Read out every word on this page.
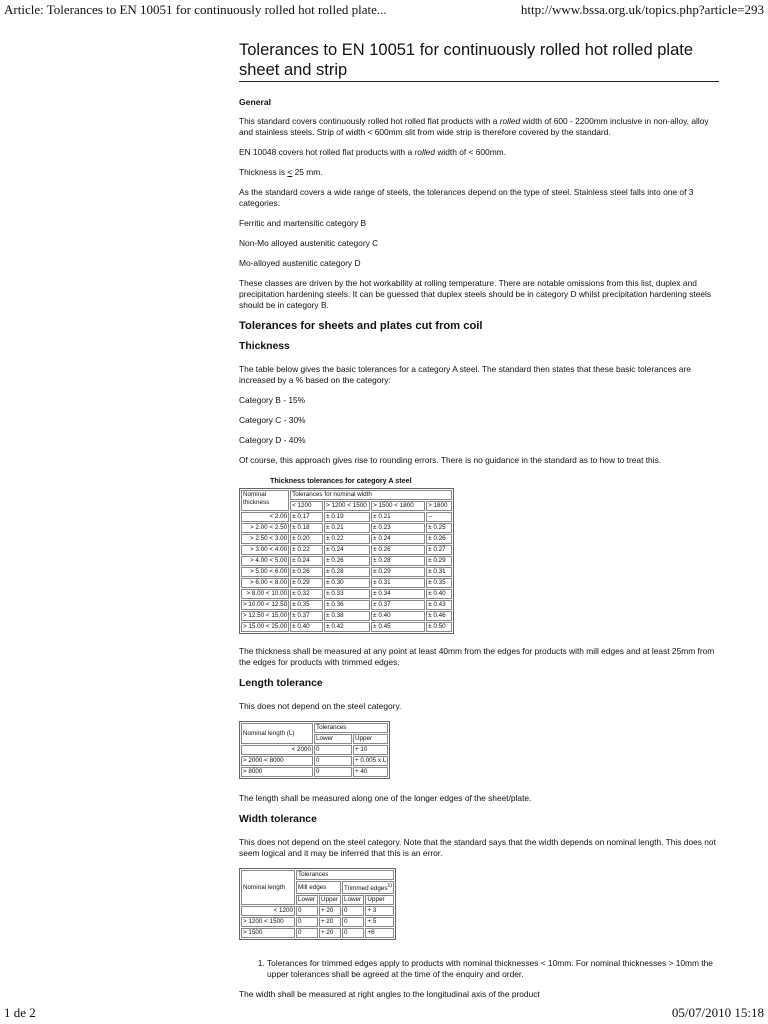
Article: Tolerances to EN 10051 for continuously rolled hot rolled plate...	http://www.bssa.org.uk/topics.php?article=293
Tolerances to EN 10051 for continuously rolled hot rolled plate sheet and strip
General

This standard covers continuously rolled hot rolled flat products with a rolled width of 600 - 2200mm inclusive in non-alloy, alloy and stainless steels. Strip of width < 600mm slit from wide strip is therefore covered by the standard.

EN 10048 covers hot rolled flat products with a rolled width of < 600mm.

Thickness is < 25 mm.

As the standard covers a wide range of steels, the tolerances depend on the type of steel. Stainless steel falls into one of 3 categories:

Ferritic and martensitic category B

Non-Mo alloyed austenitic category C

Mo-alloyed austenitic category D

These classes are driven by the hot workability at rolling temperature. There are notable omissions from this list, duplex and precipitation hardening steels. It can be guessed that duplex steels should be in category D whilst precipitation hardening steels should be in category B.

Tolerances for sheets and plates cut from coil
Thickness

The table below gives the basic tolerances for a category A steel. The standard then states that these basic tolerances are increased by a % based on the category:

Category B - 15%

Category C - 30%

Category D - 40%

Of course, this approach gives rise to rounding errors. There is no guidance in the standard as to how to treat this.

Thickness tolerances for category A steel
Nominal thickness	Tolerances for nominal width			
	< 1200	> 1200 < 1500	> 1500 < 1800	> 1800
< 2.00	± 0.17	± 0.19	± 0.21	--
> 2.00 < 2.50	± 0.18	± 0.21	± 0.23	± 0.25
> 2.50 < 3.00	± 0.20	± 0.22	± 0.24	± 0.26
> 3.00 < 4.00	± 0.22	± 0.24	± 0.26	± 0.27
> 4.00 < 5.00	± 0.24	± 0.26	± 0.28	± 0.29
> 5.00 < 6.00	± 0.26	± 0.28	± 0.29	± 0.31
> 6.00 < 8.00	± 0.29	± 0.30	± 0.31	± 0.35
> 8.00 < 10.00	± 0.32	± 0.33	± 0.34	± 0.40
> 10.00 < 12.50	± 0.35	± 0.36	± 0.37	± 0.43
> 12.50 < 15.00	± 0.37	± 0.38	± 0.40	± 0.46
> 15.00 < 25.00	± 0.40	± 0.42	± 0.45	± 0.50

The thickness shall be measured at any point at least 40mm from the edges for products with mill edges and at least 25mm from the edges for products with trimmed edges.

Length tolerance

This does not depend on the steel category.

Nominal length (L)	Tolerances	
	Lower	Upper
< 2000	0	+ 10
> 2000 < 8000	0	+ 0.005 x L
> 8000	0	+ 40

The length shall be measured along one of the longer edges of the sheet/plate.

Width tolerance

This does not depend on the steel category. Note that the standard says that the width depends on nominal length. This does not seem logical and it may be inferred that this is an error.

Nominal length	Tolerances			
	Mill edges		Trimmed edges$^{1)}$
	Lower	Upper	Lower	Upper
< 1200	0	+ 20	0	+ 3
> 1200 < 1500	0	+ 20	0	+ 5
> 1500	0	+ 20	0	+6
1. Tolerances for trimmed edges apply to products with nominal thicknesses < 10mm. For nominal thicknesses > 10mm the upper tolerances shall be agreed at the time of the enquiry and order.

The width shall be measured at right angles to the longitudinal axis of the product

1 de 2	05/07/2010 15:18
